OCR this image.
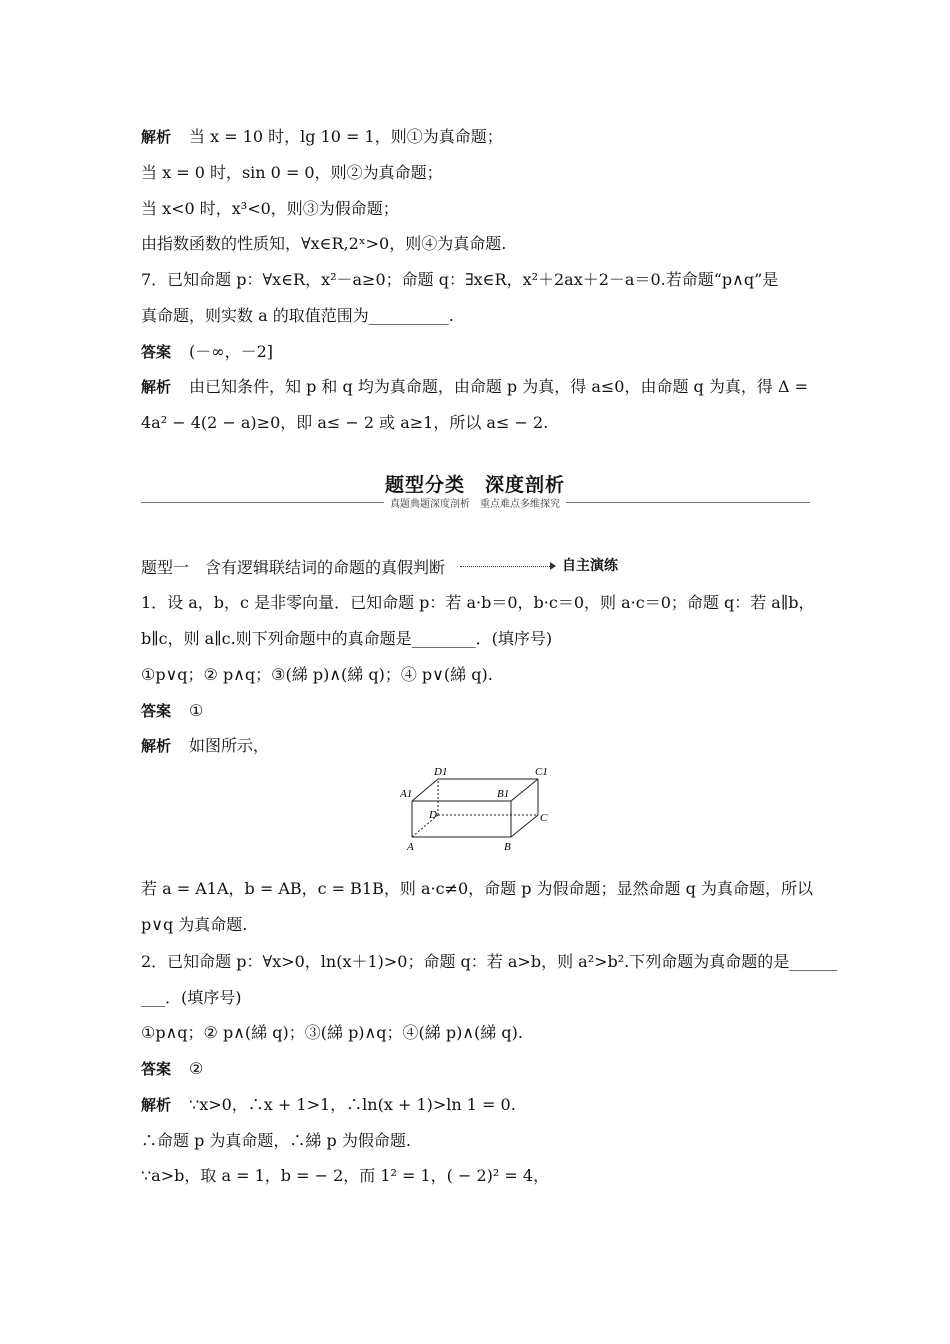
解析 当 x = 10 时，lg 10 = 1，则①为真命题；
当 x = 0 时，sin 0 = 0，则②为真命题；
当 x<0 时，x³<0，则③为假命题；
由指数函数的性质知，∀x∈R,2ˣ>0，则④为真命题.
7．已知命题 p：∀x∈R，x²－a≥0；命题 q：∃x∈R，x²＋2ax＋2－a＝0.若命题“p∧q”是
真命题，则实数 a 的取值范围为__________.
答案 (－∞，－2]
解析 由已知条件，知 p 和 q 均为真命题，由命题 p 为真，得 a≤0，由命题 q 为真，得 Δ =
4a² − 4(2 − a)≥0，即 a≤ − 2 或 a≥1，所以 a≤ − 2.
题型分类　深度剖析
真题典题深度剖析　重点难点多维探究
题型一　含有逻辑联结词的命题的真假判断	自主演练
1．设 a，b，c 是非零向量．已知命题 p：若 a·b＝0，b·c＝0，则 a·c＝0；命题 q：若 a∥b，
b∥c，则 a∥c.则下列命题中的真命题是________．(填序号)
①p∨q；② p∧q；③(綈 p)∧(綈 q)；④ p∨(綈 q).
答案 ①
解析 如图所示，
D1	C1
A1	B1
D	C
A	B
若 a = A1A，b = AB，c = B1B，则 a·c≠0，命题 p 为假命题；显然命题 q 为真命题，所以
p∨q 为真命题.
2．已知命题 p：∀x>0，ln(x＋1)>0；命题 q：若 a>b，则 a²>b².下列命题为真命题的是______
___．(填序号)
①p∧q；② p∧(綈 q)；③(綈 p)∧q；④(綈 p)∧(綈 q).
答案 ②
解析 ∵x>0，∴x + 1>1，∴ln(x + 1)>ln 1 = 0.
∴命题 p 为真命题，∴綈 p 为假命题.
∵a>b，取 a = 1，b = − 2，而 1² = 1，( − 2)² = 4，
